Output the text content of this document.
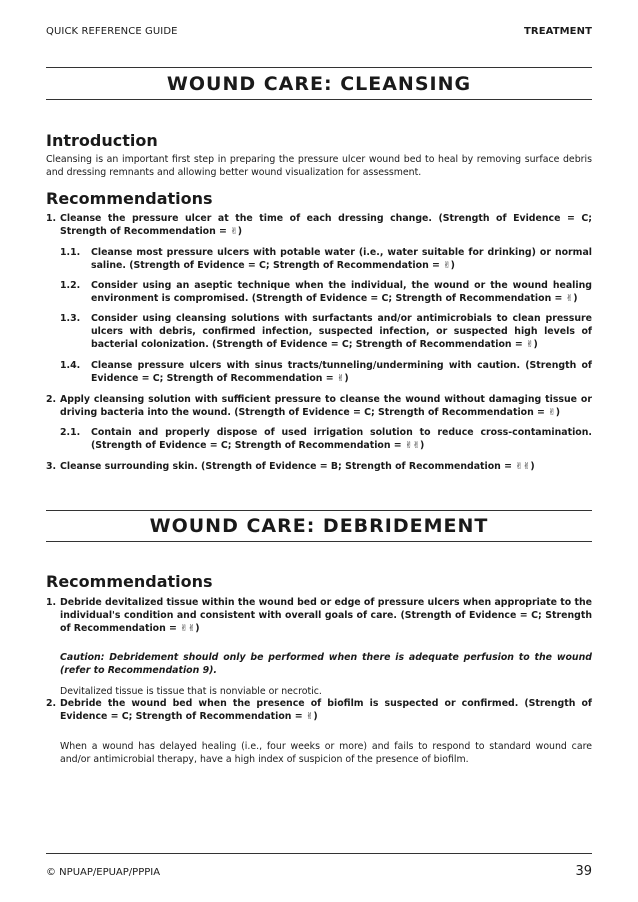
QUICK REFERENCE GUIDE	TREATMENT
WOUND CARE: CLEANSING
Introduction

Cleansing is an important first step in preparing the pressure ulcer wound bed to heal by removing surface debris and dressing remnants and allowing better wound visualization for assessment.

Recommendations
1. Cleanse the pressure ulcer at the time of each dressing change. (Strength of Evidence = C; Strength of Recommendation = ✌)
1.1.	Cleanse most pressure ulcers with potable water (i.e., water suitable for drinking) or normal saline. (Strength of Evidence = C; Strength of Recommendation = ✌)
1.2.	Consider using an aseptic technique when the individual, the wound or the wound healing environment is compromised. (Strength of Evidence = C; Strength of Recommendation = ✌)
1.3.	Consider using cleansing solutions with surfactants and/or antimicrobials to clean pressure ulcers with debris, confirmed infection, suspected infection, or suspected high levels of bacterial colonization. (Strength of Evidence = C; Strength of Recommendation = ✌)
1.4.	Cleanse pressure ulcers with sinus tracts/tunneling/undermining with caution. (Strength of Evidence = C; Strength of Recommendation = ✌)
2. Apply cleansing solution with sufficient pressure to cleanse the wound without damaging tissue or driving bacteria into the wound. (Strength of Evidence = C; Strength of Recommendation = ✌)
2.1.	Contain and properly dispose of used irrigation solution to reduce cross-contamination. (Strength of Evidence = C; Strength of Recommendation = ✌✌)
3. Cleanse surrounding skin. (Strength of Evidence = B; Strength of Recommendation = ✌✌)
WOUND CARE: DEBRIDEMENT
Recommendations
1. Debride devitalized tissue within the wound bed or edge of pressure ulcers when appropriate to the individual's condition and consistent with overall goals of care. (Strength of Evidence = C; Strength of Recommendation = ✌✌)

Caution: Debridement should only be performed when there is adequate perfusion to the wound (refer to Recommendation 9).

Devitalized tissue is tissue that is nonviable or necrotic.

2. Debride the wound bed when the presence of biofilm is suspected or confirmed. (Strength of Evidence = C; Strength of Recommendation = ✌)

When a wound has delayed healing (i.e., four weeks or more) and fails to respond to standard wound care and/or antimicrobial therapy, have a high index of suspicion of the presence of biofilm.

© NPUAP/EPUAP/PPPIA	39
